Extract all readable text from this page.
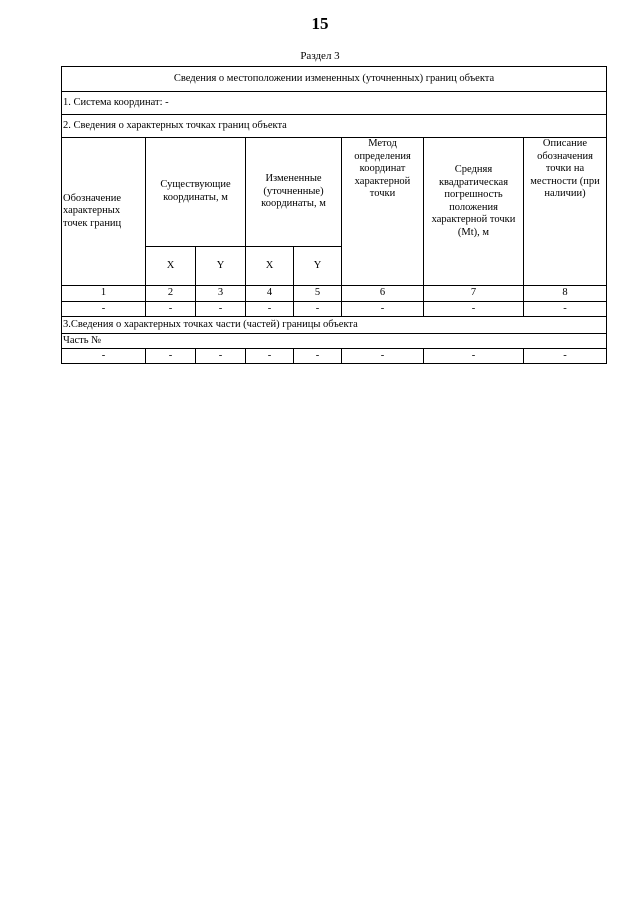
15
Раздел 3
Сведения о местоположении измененных (уточненных) границ объекта							
1. Система координат: -							
2. Сведения о характерных точках границ объекта							
Обозначение характерных точек границ	Существующие координаты, м		Измененные (уточненные) координаты, м		Метод определения координат характерной точки	Средняя квадратическая погрешность положения характерной точки (Mt), м	Описание обозначения точки на местности (при наличии)
	X	Y	X	Y			
1	2	3	4	5	6	7	8
-	-	-	-	-	-	-	-
3.Сведения о характерных точках части (частей) границы объекта							
Часть №							
-	-	-	-	-	-	-	-
